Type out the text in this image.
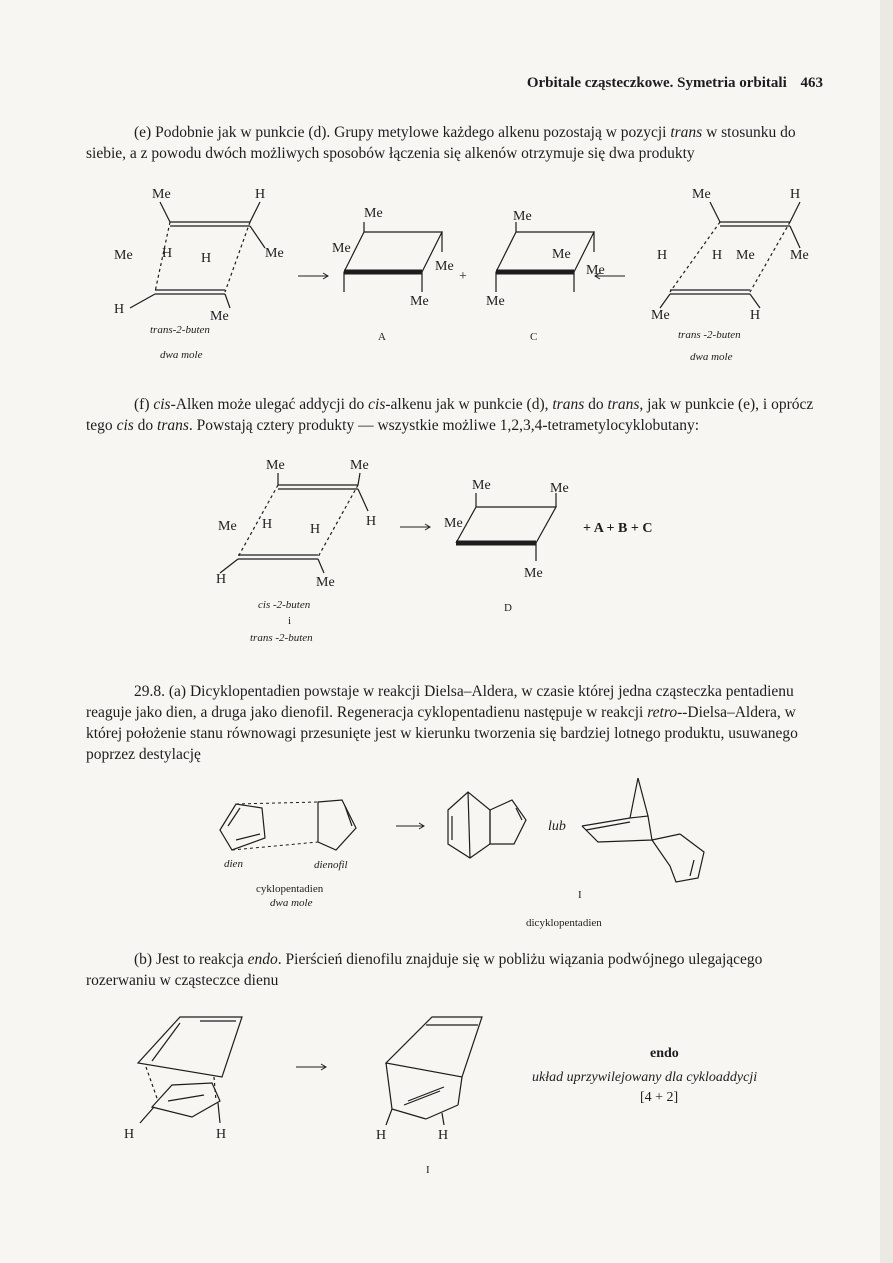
Orbitale cząsteczkowe. Symetria orbitali 463
(e) Podobnie jak w punkcie (d). Grupy metylowe każdego alkenu pozostają w pozycji trans w stosunku do siebie, a z powodu dwóch możliwych sposobów łączenia się alkenów otrzymuje się dwa produkty
Me	H
Me H H	Me
H	Me
trans-2-buten
dwa mole
Me
Me
Me
Me
A
+
Me
Me
Me
Me
C
Me	H
H	H Me	Me
Me	H
trans -2-buten
dwa mole
(f) cis-Alken może ulegać addycji do cis-alkenu jak w punkcie (d), trans do trans, jak w punkcie (e), i oprócz tego cis do trans. Powstają cztery produkty — wszystkie możliwe 1,2,3,4-tetrametylocyklobutany:
Me	Me
Me H	H
H
H	Me
cis -2-buten
i
trans -2-buten
Me	Me
Me
Me
D
+ A + B + C
29.8. (a) Dicyklopentadien powstaje w reakcji Dielsa–Aldera, w czasie której jedna cząsteczka pentadienu reaguje jako dien, a druga jako dienofil. Regeneracja cyklopentadienu następuje w reakcji retro--Dielsa–Aldera, w której położenie stanu równowagi przesunięte jest w kierunku tworzenia się bardziej lotnego produktu, usuwanego poprzez destylację
dien	dienofil
cyklopentadien
dwa mole
lub
I
dicyklopentadien
(b) Jest to reakcja endo. Pierścień dienofilu znajduje się w pobliżu wiązania podwójnego ulegającego rozerwaniu w cząsteczce dienu
H	H	H	H
I
endo
układ uprzywilejowany dla cykloaddycji
[4 + 2]
